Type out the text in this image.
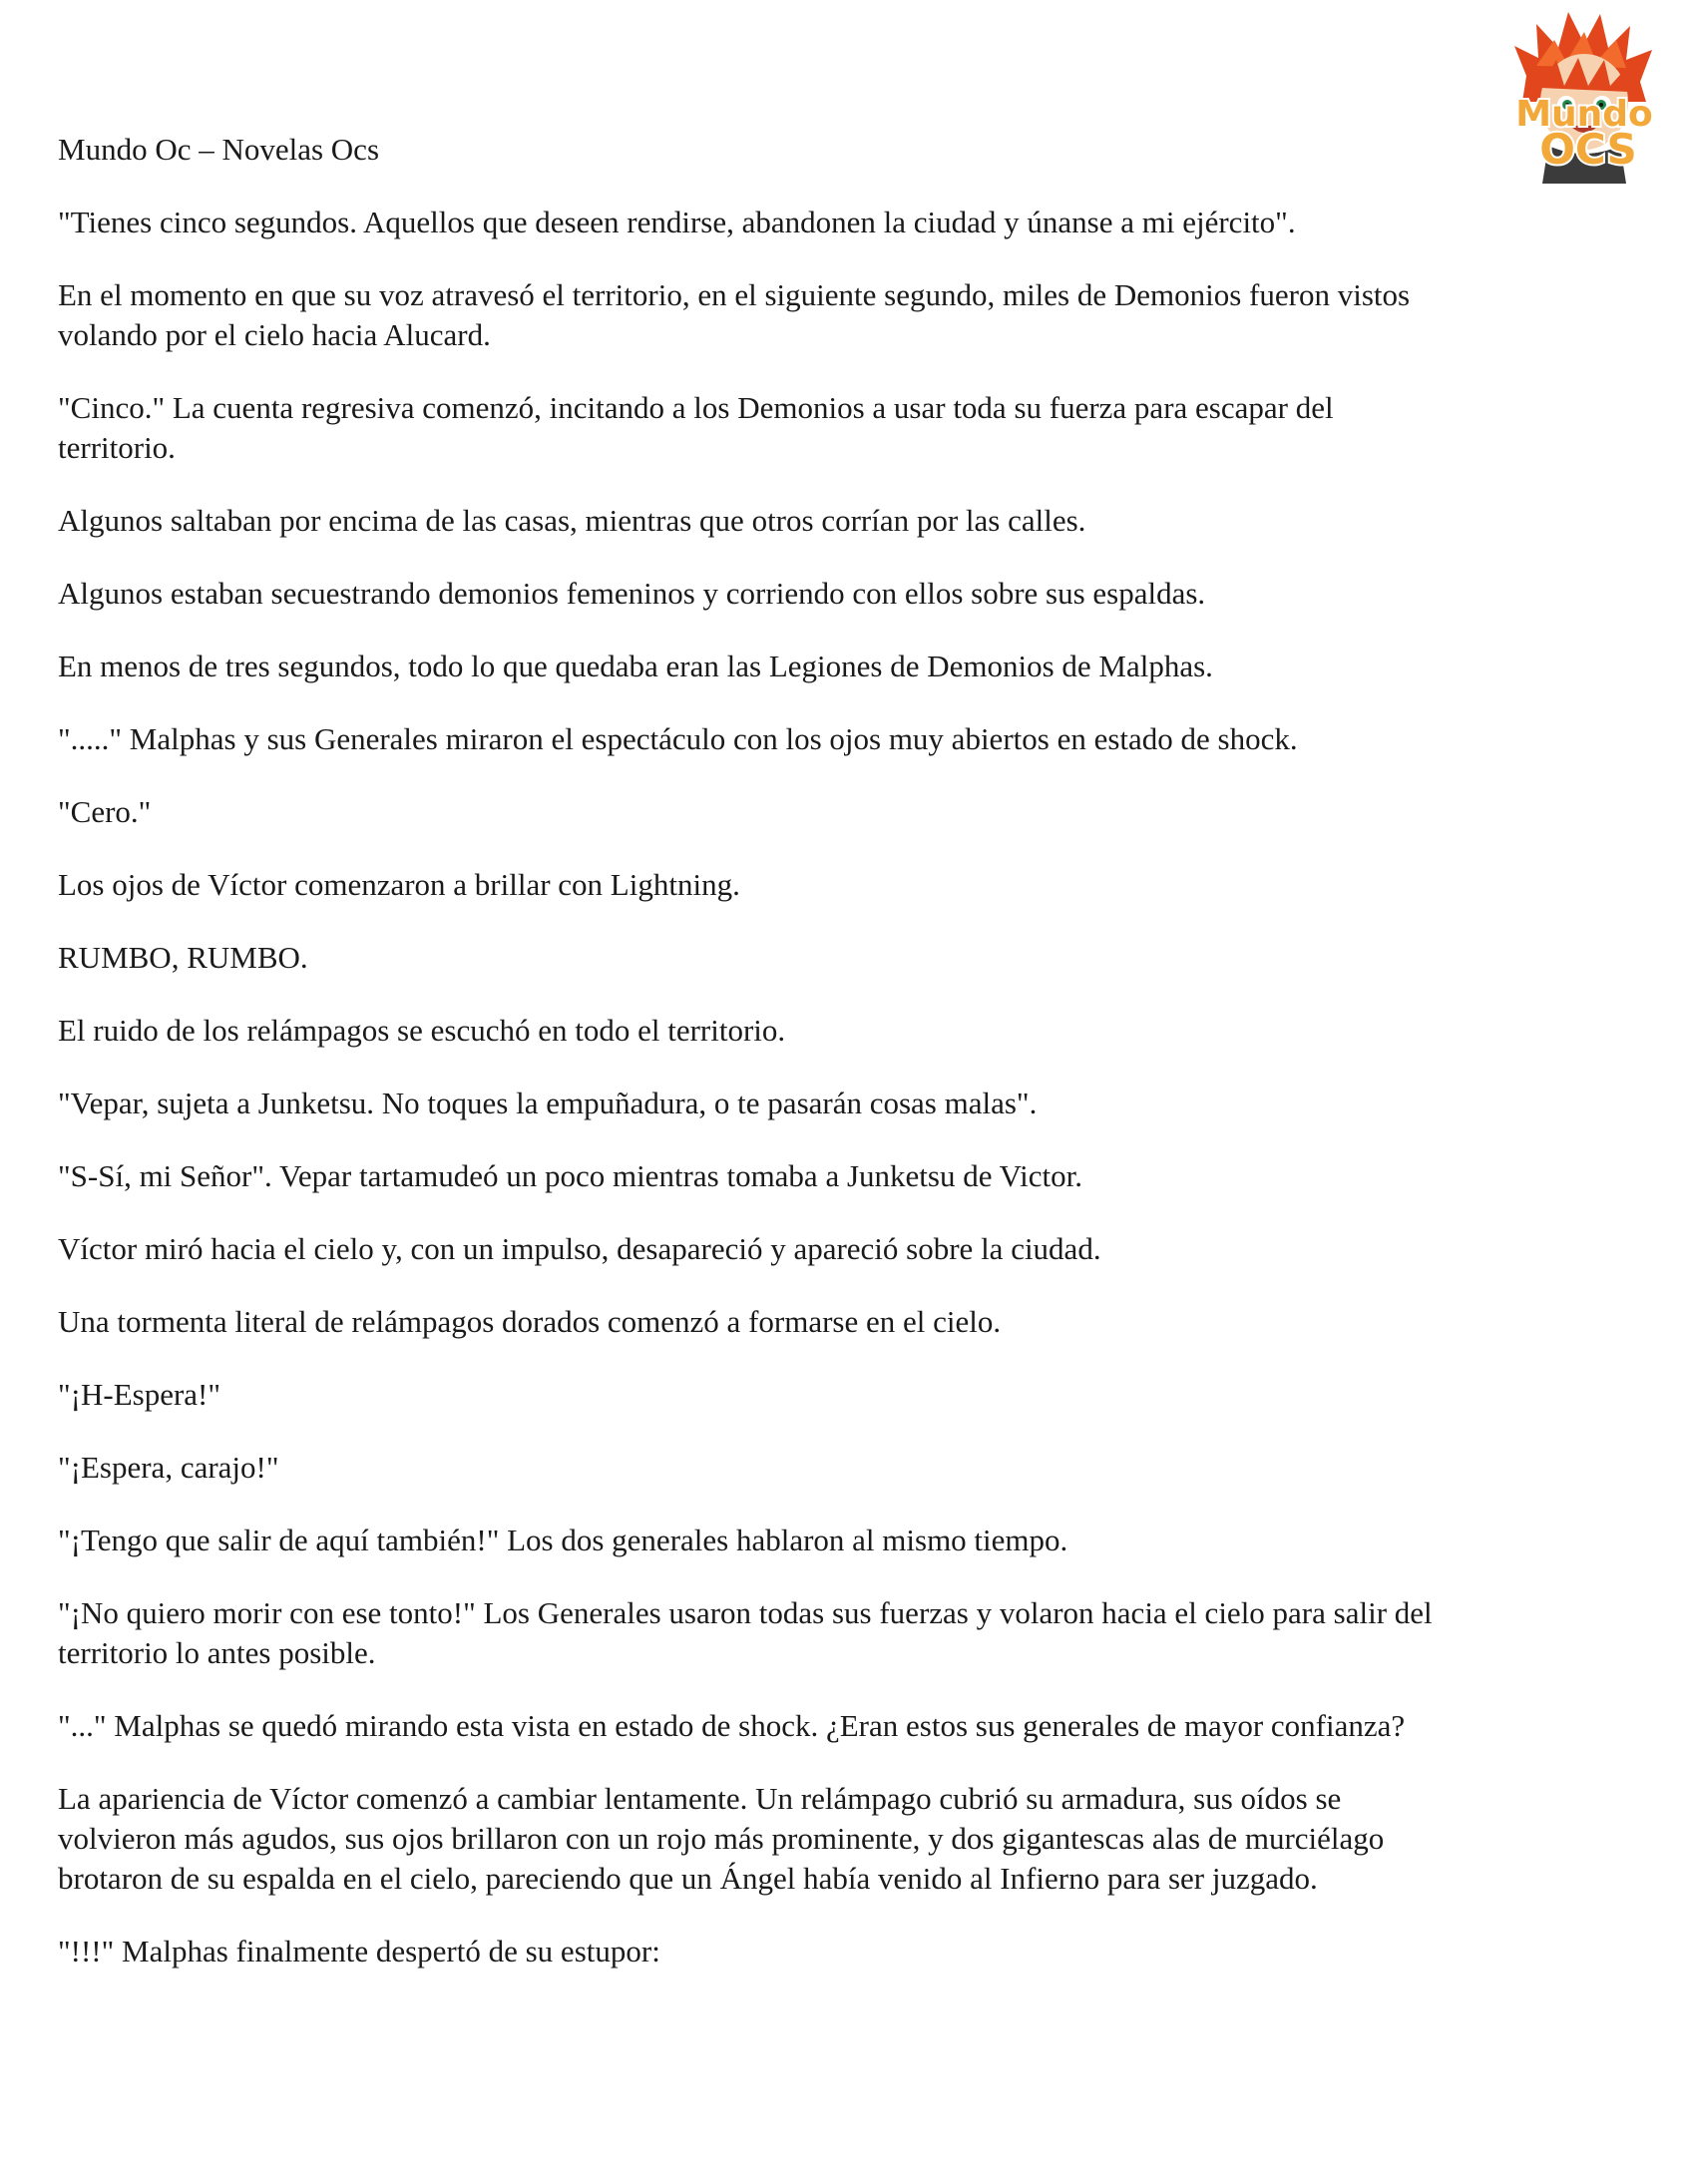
Mundo
OCS

Mundo Oc – Novelas Ocs

"Tienes cinco segundos. Aquellos que deseen rendirse, abandonen la ciudad y únanse a mi ejército".

En el momento en que su voz atravesó el territorio, en el siguiente segundo, miles de Demonios fueron vistos
volando por el cielo hacia Alucard.

"Cinco." La cuenta regresiva comenzó, incitando a los Demonios a usar toda su fuerza para escapar del
territorio.

Algunos saltaban por encima de las casas, mientras que otros corrían por las calles.

Algunos estaban secuestrando demonios femeninos y corriendo con ellos sobre sus espaldas.

En menos de tres segundos, todo lo que quedaba eran las Legiones de Demonios de Malphas.

"....." Malphas y sus Generales miraron el espectáculo con los ojos muy abiertos en estado de shock.

"Cero."

Los ojos de Víctor comenzaron a brillar con Lightning.

RUMBO, RUMBO.

El ruido de los relámpagos se escuchó en todo el territorio.

"Vepar, sujeta a Junketsu. No toques la empuñadura, o te pasarán cosas malas".

"S-Sí, mi Señor". Vepar tartamudeó un poco mientras tomaba a Junketsu de Victor.

Víctor miró hacia el cielo y, con un impulso, desapareció y apareció sobre la ciudad.

Una tormenta literal de relámpagos dorados comenzó a formarse en el cielo.

"¡H-Espera!"

"¡Espera, carajo!"

"¡Tengo que salir de aquí también!" Los dos generales hablaron al mismo tiempo.

"¡No quiero morir con ese tonto!" Los Generales usaron todas sus fuerzas y volaron hacia el cielo para salir del
territorio lo antes posible.

"..." Malphas se quedó mirando esta vista en estado de shock. ¿Eran estos sus generales de mayor confianza?

La apariencia de Víctor comenzó a cambiar lentamente. Un relámpago cubrió su armadura, sus oídos se
volvieron más agudos, sus ojos brillaron con un rojo más prominente, y dos gigantescas alas de murciélago
brotaron de su espalda en el cielo, pareciendo que un Ángel había venido al Infierno para ser juzgado.

"!!!" Malphas finalmente despertó de su estupor:
